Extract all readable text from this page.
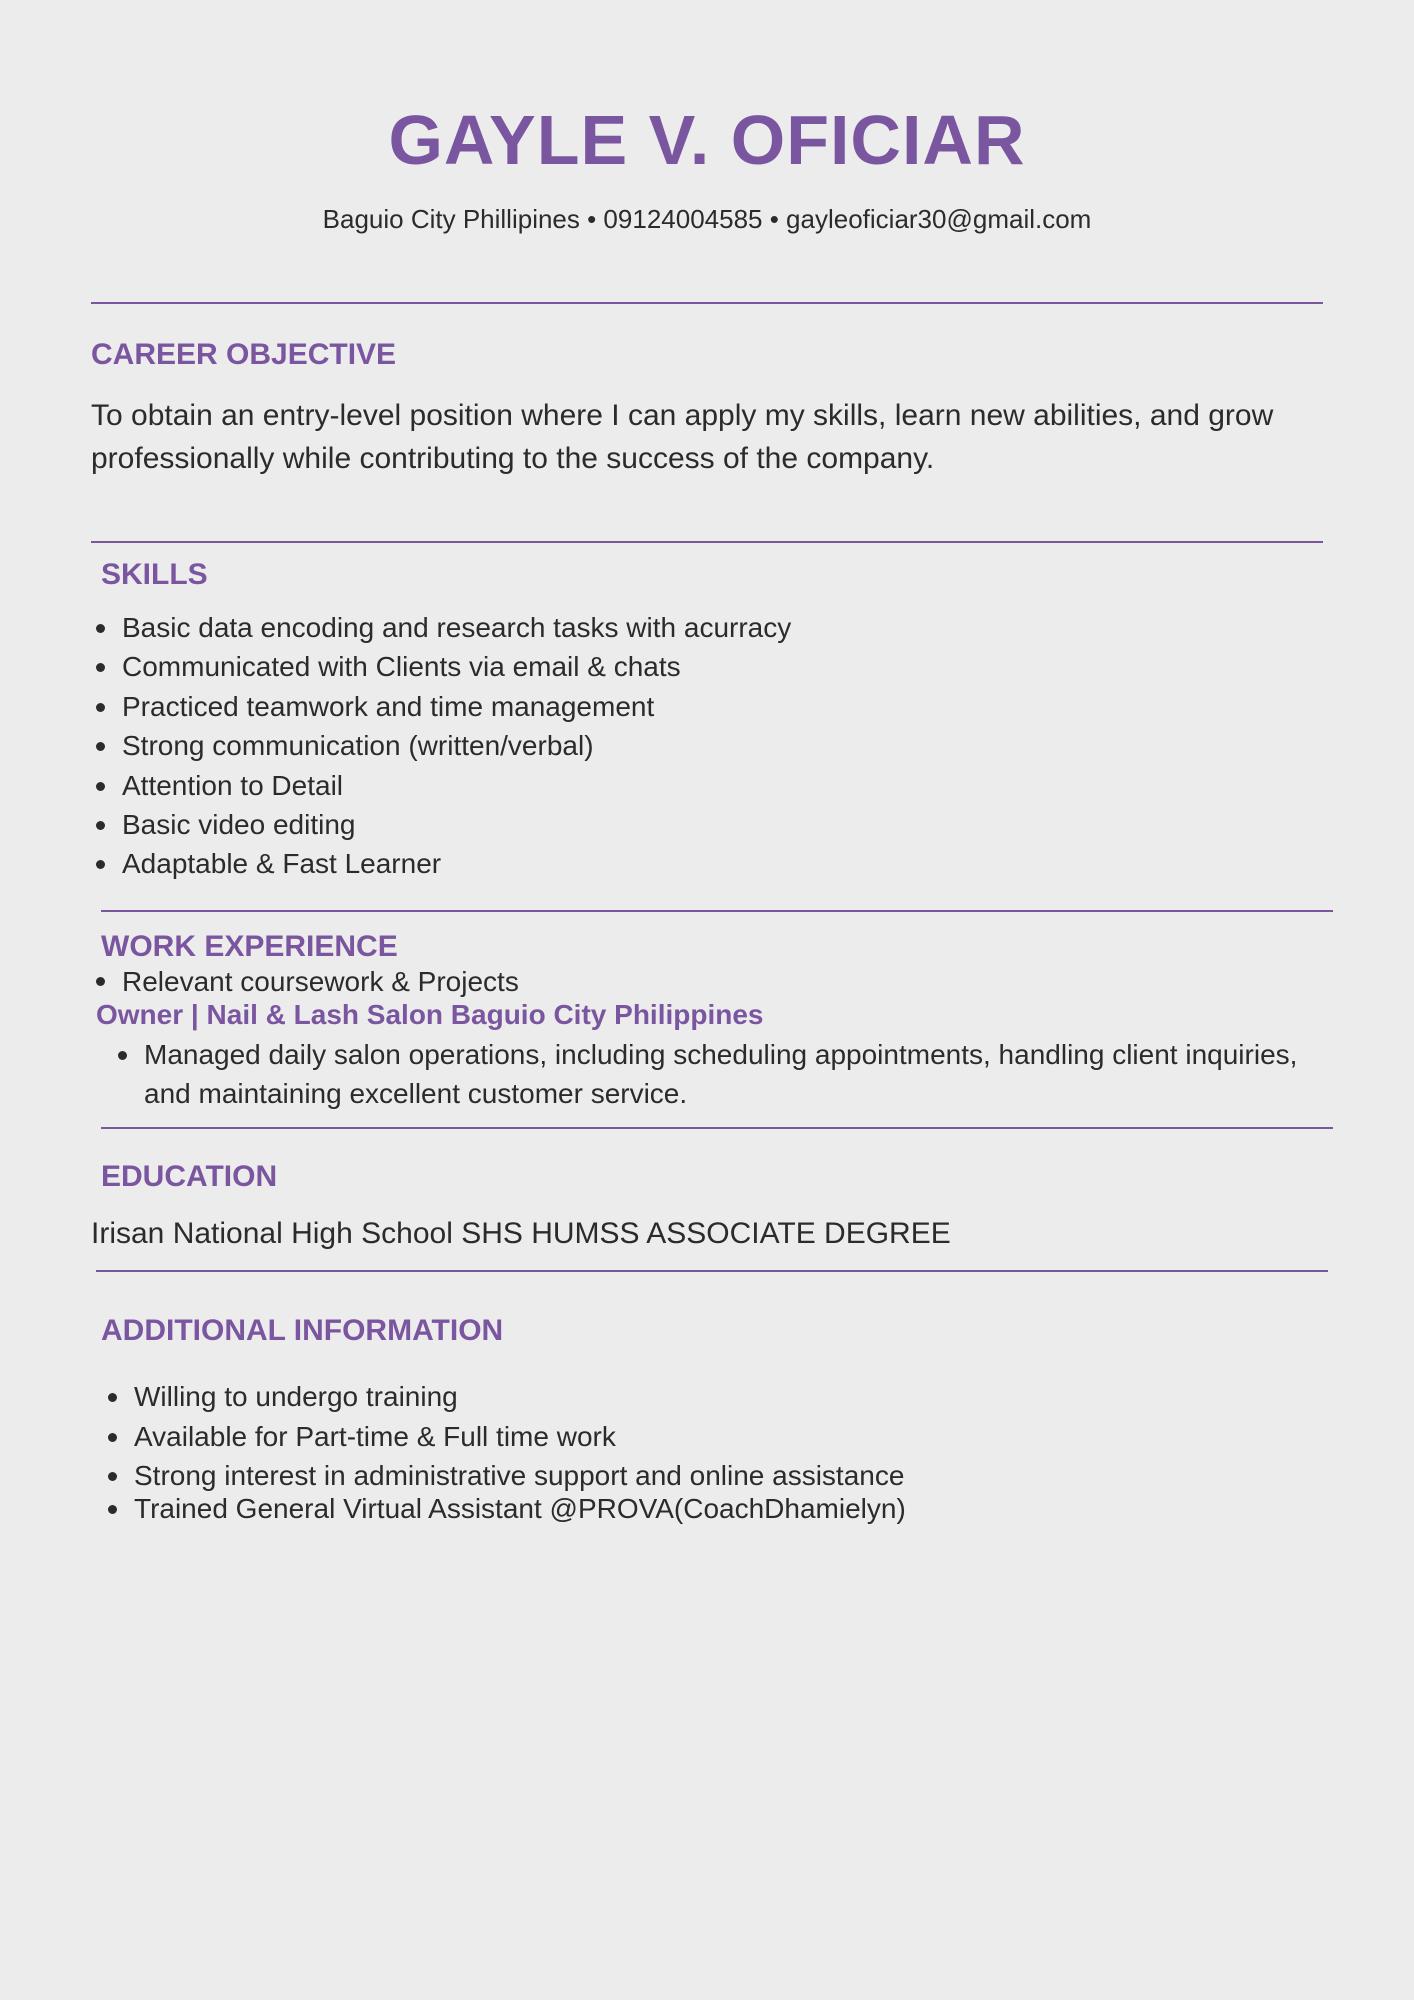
GAYLE V. OFICIAR
Baguio City Phillipines • 09124004585 • gayleoficiar30@gmail.com
CAREER OBJECTIVE
To obtain an entry-level position where I can apply my skills, learn new abilities, and grow professionally while contributing to the success of the company.
SKILLS
Basic data encoding and research tasks with acurracy
Communicated with Clients via email & chats
Practiced teamwork and time management
Strong communication (written/verbal)
Attention to Detail
Basic video editing
Adaptable & Fast Learner
WORK EXPERIENCE
Relevant coursework & Projects
Owner | Nail & Lash Salon Baguio City Philippines
Managed daily salon operations, including scheduling appointments, handling client inquiries, and maintaining excellent customer service.
EDUCATION
Irisan National High School SHS HUMSS ASSOCIATE DEGREE
ADDITIONAL INFORMATION
Willing to undergo training
Available for Part-time & Full time work
Strong interest in administrative support and online assistance
Trained General Virtual Assistant @PROVA(CoachDhamielyn)
